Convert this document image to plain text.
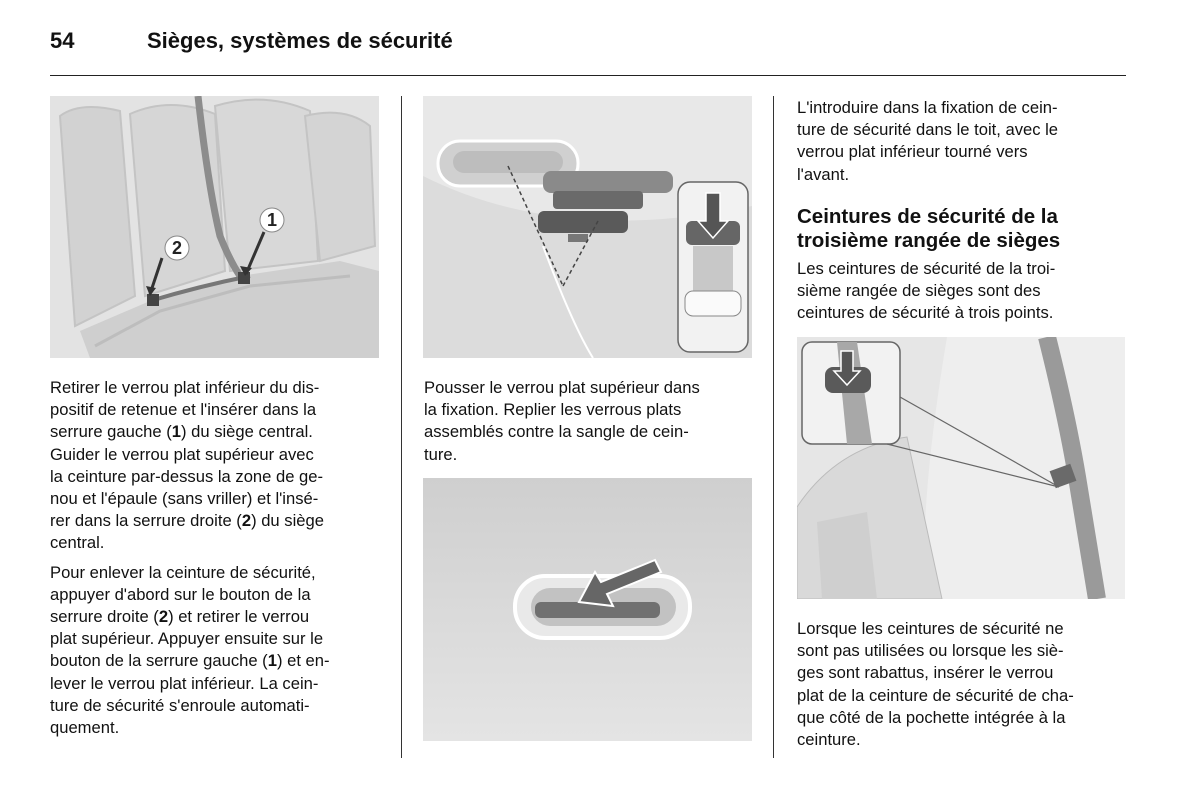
54	Sièges, systèmes de sécurité
2
1

Retirer le verrou plat inférieur du dis-
positif de retenue et l'insérer dans la
serrure gauche (1) du siège central.
Guider le verrou plat supérieur avec
la ceinture par-dessus la zone de ge-
nou et l'épaule (sans vriller) et l'insé-
rer dans la serrure droite (2) du siège
central.

Pour enlever la ceinture de sécurité,
appuyer d'abord sur le bouton de la
serrure droite (2) et retirer le verrou
plat supérieur. Appuyer ensuite sur le
bouton de la serrure gauche (1) et en-
lever le verrou plat inférieur. La cein-
ture de sécurité s'enroule automati-
quement.

Pousser le verrou plat supérieur dans
la fixation. Replier les verrous plats
assemblés contre la sangle de cein-
ture.

L'introduire dans la fixation de cein-
ture de sécurité dans le toit, avec le
verrou plat inférieur tourné vers
l'avant.

Ceintures de sécurité de la
troisième rangée de sièges

Les ceintures de sécurité de la troi-
sième rangée de sièges sont des
ceintures de sécurité à trois points.

Lorsque les ceintures de sécurité ne
sont pas utilisées ou lorsque les siè-
ges sont rabattus, insérer le verrou
plat de la ceinture de sécurité de cha-
que côté de la pochette intégrée à la
ceinture.
